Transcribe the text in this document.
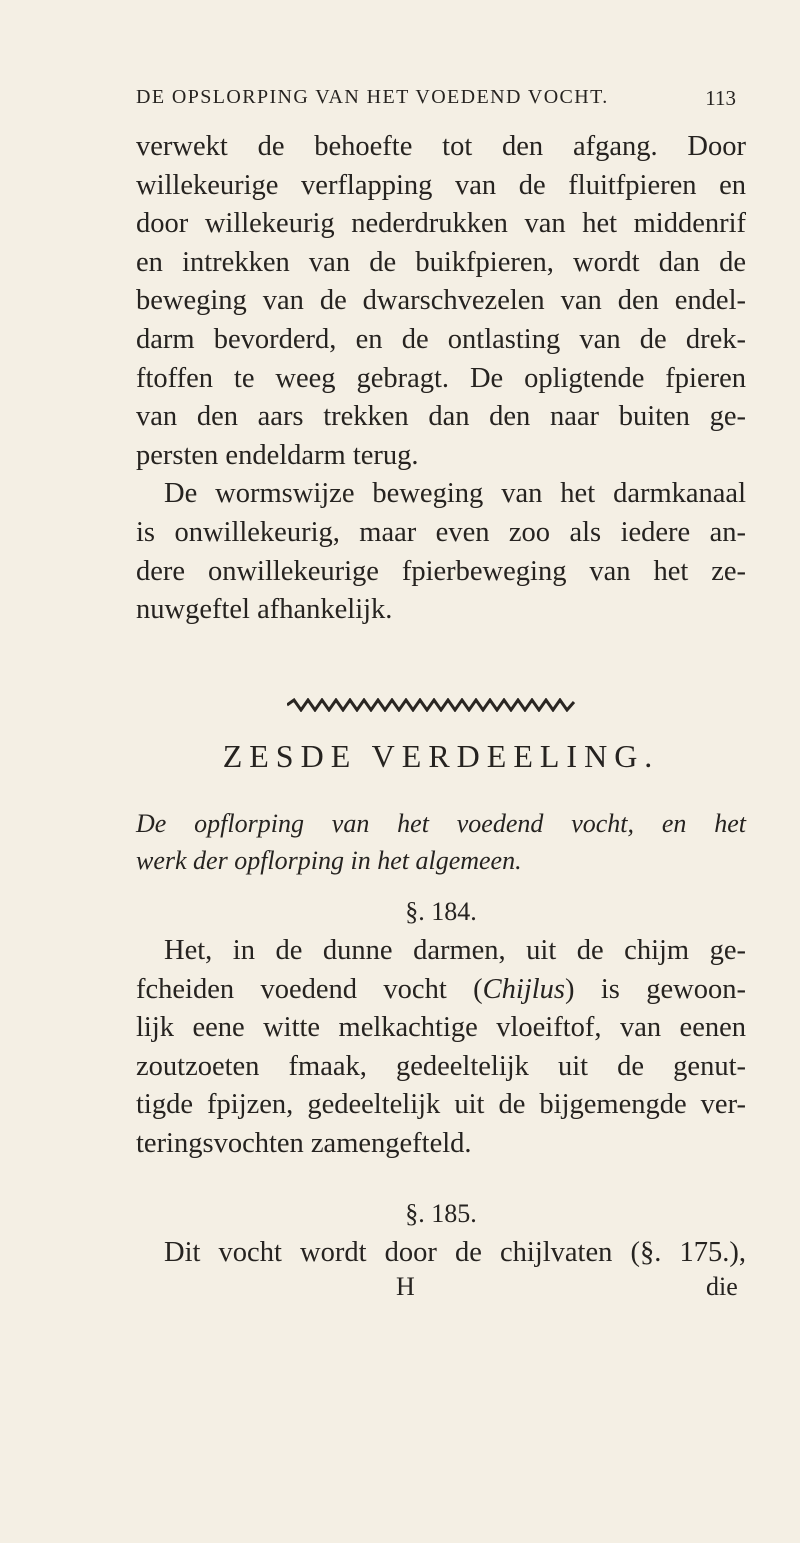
DE OPSLORPING VAN HET VOEDEND VOCHT.	113
verwekt de behoefte tot den afgang. Door
willekeurige verflapping van de fluitfpieren en
door willekeurig nederdrukken van het middenrif
en intrekken van de buikfpieren, wordt dan de
beweging van de dwarschvezelen van den endel-
darm bevorderd, en de ontlasting van de drek-
ftoffen te weeg gebragt. De opligtende fpieren
van den aars trekken dan den naar buiten ge-
persten endeldarm terug.
De wormswijze beweging van het darmkanaal
is onwillekeurig, maar even zoo als iedere an-
dere onwillekeurige fpierbeweging van het ze-
nuwgeftel afhankelijk.
ZESDE VERDEELING.
De opflorping van het voedend vocht, en het
werk der opflorping in het algemeen.
§. 184.
Het, in de dunne darmen, uit de chijm ge-
fcheiden voedend vocht (Chijlus) is gewoon-
lijk eene witte melkachtige vloeiftof, van eenen
zoutzoeten fmaak, gedeeltelijk uit de genut-
tigde fpijzen, gedeeltelijk uit de bijgemengde ver-
teringsvochten zamengefteld.
§. 185.
Dit vocht wordt door de chijlvaten (§. 175.),
H	die
